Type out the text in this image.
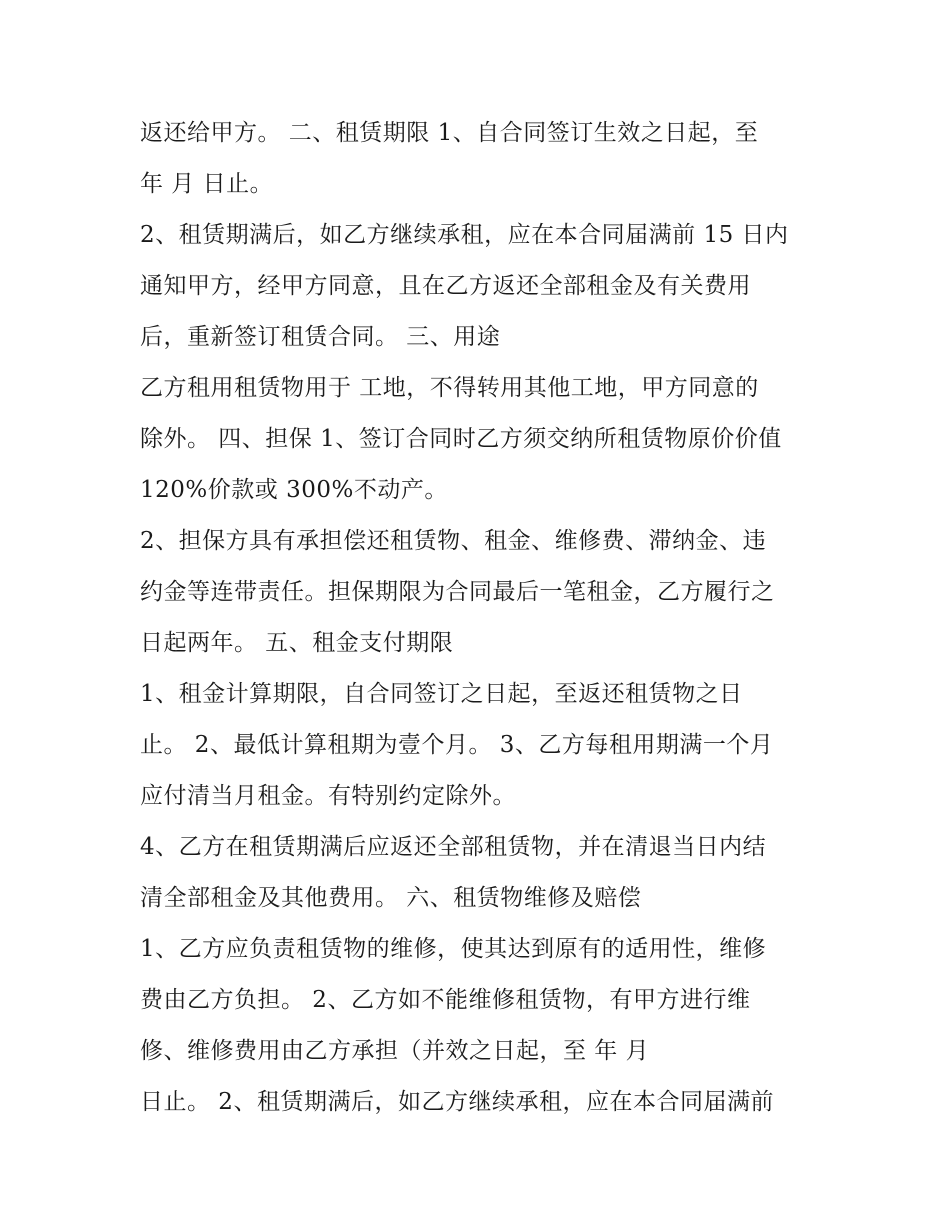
返还给甲方。 二、租赁期限 1、自合同签订生效之日起，至
年 月 日止。
2、租赁期满后，如乙方继续承租，应在本合同届满前 15 日内
通知甲方，经甲方同意，且在乙方返还全部租金及有关费用
后，重新签订租赁合同。 三、用途
乙方租用租赁物用于 工地，不得转用其他工地，甲方同意的
除外。 四、担保 1、签订合同时乙方须交纳所租赁物原价价值
120%价款或 300%不动产。
2、担保方具有承担偿还租赁物、租金、维修费、滞纳金、违
约金等连带责任。担保期限为合同最后一笔租金，乙方履行之
日起两年。 五、租金支付期限
1、租金计算期限，自合同签订之日起，至返还租赁物之日
止。 2、最低计算租期为壹个月。 3、乙方每租用期满一个月
应付清当月租金。有特别约定除外。
4、乙方在租赁期满后应返还全部租赁物，并在清退当日内结
清全部租金及其他费用。 六、租赁物维修及赔偿
1、乙方应负责租赁物的维修，使其达到原有的适用性，维修
费由乙方负担。 2、乙方如不能维修租赁物，有甲方进行维
修、维修费用由乙方承担（并效之日起，至 年 月
日止。 2、租赁期满后，如乙方继续承租，应在本合同届满前
